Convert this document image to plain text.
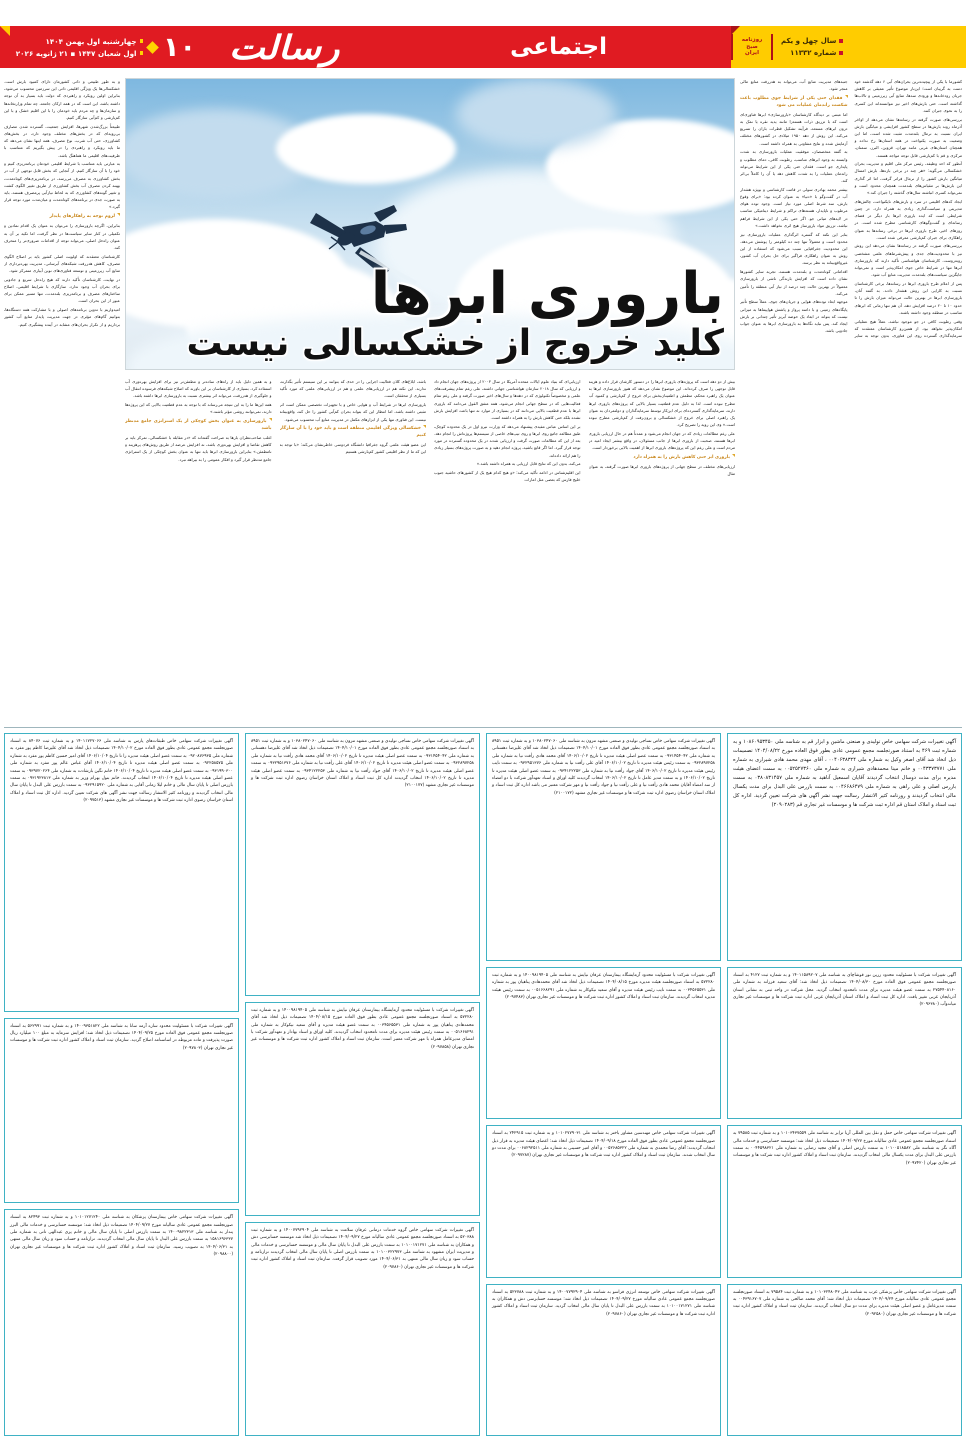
۱۰
چهارشنبه اول بهمن ۱۴۰۴
اول شعبان ۱۴۴۷ ▪ ۲۱ ژانویه ۲۰۲۶	اجتماعی
رسالت	روزنامه
صبح
ایران
سال چهل و یکم
شماره ۱۱۳۳۲
باروری ابرها
کلید خروج از خشکسالی نیست

کشورما با یکی از پیچیده‌ترین بحران‌های آبی ۶ دهه گذشته خود دست به گریبان است؛ این‌بار موضوع تأثیر عمیقی بر کاهش جریان رودخانه‌ها و ورودی سدها، منابع آبی زیرزمینی و تالاب‌ها گذاشته است. حتی بارش‌های اخیر نیز نتوانسته‌اند این کسری را به نحوی جبران کنند.

بررسی‌های صورت گرفته در رسانه‌ها نشان می‌دهد از اواخر آذرماه روند بارش‌ها در سطح کشور افزایشی و میانگین بارش ایران نسبت به نرمال بلندمدت مثبت شده است، اما این وضعیت به صورت یکنواخت در همه استان‌ها رخ نداده و همچنان استان‌های غربی مانند تهران، قزوین، البرز، سمنان، مرکزی و قم با کم‌بارشی قابل توجه مواجه هستند.

آنطور که احد وظیفه، رئیس مرکز ملی اقلیم و مدیریت بحران خشکسالی می‌گوید: «هر چند در برخی بازه‌ها، بارش امسال میانگین بارش کشور را از نرمال فراتر گرفت، اما اثر گذاری این بارش‌ها بر مقیاس‌های بلندمدت همچنان محدود است و نمی‌تواند کسری انباشته سال‌های گذشته را جبران کند.»

ایجاد کدهای اقلیمی در سرد و بارش‌های نایکنواخت، چالش‌های مدیریتی و سیاست‌گذاری زیادی به همراه دارد. در چنین شرایطی است که ایده باروری ابرها بار دیگر در فضای رسانه‌ای و گفت‌وگوهای کارشناسی مطرح شده است. در روزهای اخیر، طرح باروری ابرها در برخی رسانه‌ها به عنوان راهکاری برای جبران کم‌بارشی معرفی شده است.

بررسی‌های صورت گرفته در رسانه‌ها نشان می‌دهد این روش نیز با محدودیت‌های جدی و پیش‌شرط‌های علمی مشخصی روبه‌روست. کارشناسان هواشناسی تأکید دارند که بارورسازی ابرها تنها در شرایط خاص جوی امکان‌پذیر است و نمی‌تواند جایگزین سیاست‌های بلندمدت مدیریت منابع آب شود.

پس از اعلام طرح باروری ابرها در رسانه‌ها، برخی کارشناسان نسبت به کارایی این روش هشدار دادند. به گفته آنان، بارورسازی ابرها در بهترین حالت می‌تواند میزان بارش را تا حدود ۱۰ تا ۲۰ درصد افزایش دهد، آن هم تنها زمانی که ابرهای مناسب در منطقه وجود داشته باشند.

وقتی رطوبت کافی در جو موجود نباشد، عملاً هیچ عملیاتی امکان‌پذیر نخواهد بود. از همین‌رو کارشناسان معتقدند که سرمایه‌گذاری گسترده روی این فناوری، بدون توجه به سایر جنبه‌های مدیریت منابع آب، می‌تواند به هدررفت منابع مالی منجر شود.

فقدان حتی یکی از شرایط جوی مطلوب باعث شکست راندمان عملیات می شود

اما مبتنی بر دیدگاه کارشناسان «بارورسازی» ابرها فناوری‌ای است که با تزریق ذرات هسته‌زا مانند یدید نقره یا نمک به درون ابرهای مستعد، فرآیند تشکیل قطرات باران را تسریع می‌کند. این روش از دهه ۱۹۵۰ میلادی در کشورهای مختلف آزمایش شده و نتایج متفاوتی به همراه داشته است.

به گفته متخصصان، موفقیت عملیات بارورسازی به شدت وابسته به وجود ابرهای مناسب، رطوبت کافی، دمای مطلوب و پایداری جو است. فقدان حتی یکی از این شرایط می‌تواند راندمان عملیات را به شدت کاهش دهد یا آن را کاملاً بی‌اثر کند.

بیشتر محمد بهادری سولی در قامت کارشناسی و بویژه هشدار آب در گفت‌وگو با «دنیا» به عنوان کرده بود: «برای وقوع بارش، سه شرط اصلی مورد نیاز است. وجود توده هوای مرطوب و ناپایدار، هسته‌های تراکم و شرایط دینامیکی مناسب در لایه‌های میانی جو. اگر حتی یکی از این شرایط فراهم نباشد، تزریق مواد بارورساز هیچ اثری نخواهد داشت.»

بنابر این نکته که گستره اثرگذاری عملیات بارورسازی نیز محدود است و معمولاً تنها چند ده کیلومتر را پوشش می‌دهد. این محدودیت جغرافیایی سبب می‌شود که استفاده از این روش به عنوان راهکاری فراگیر برای حل بحران آب کشور، غیرواقع‌بینانه به نظر برسد.

اقداماتی کوتاه‌مدت و بلندمدت هستند، تجربه سایر کشورها نشان داده است که افزایش بارندگی ناشی از بارورسازی معمولاً در بهترین حالت چند درصد از نیاز آبی منطقه را تأمین می‌کند.

موجهه ابعاد توده‌های هوایی و جریان‌های جوی، عملاً سطح تأثیر پایگاه‌های زمینی و با دامنه پرواز و پاشش هواپیماها به میزانی نیست که بتواند در ابعاد یک حوضه آبریز تأثیر چندانی بر بارش ایجاد کند. پس نباید نگاه‌ها به بارورسازی ابرها به عنوان جواب جادویی باشد.

و به طور طبیعی و ذاتی کشورمان دارای کمبود بارش است. خشکسالی‌ها یک ویژگی اقلیمی ذاتی این سرزمین محسوب می‌شود، بنابراین اولین رویکرد و راهبردی که دولت باید بسیار به آن توجه داشته باشد، این است که در همه ارکان جامعه، چه تمام وزارتخانه‌ها و سازمان‌ها و چه مردم باید خودمان را با این اقلیم خشک و با این کم‌بارشی و کم‌آبی سازگار کنیم.

طبیعتاً بزرگ‌شدن شهرها، افزایش جمعیت، گسترده شدن مصارف بی‌رویه‌ای که در بخش‌های مختلف وجود دارد، در بخش‌های کشاورزی، حتی آب شرب، نوع مصرف، همه اینها نشان می‌دهد که ما باید رویکرد و راهبردی را در پیش بگیریم که متناسب با ظرفیت‌های اقلیمی ما هماهنگ باشد.

به عبارتی باید متناسب با شرایط اقلیمی خودمان برنامه‌ریزی کنیم و خود را با آن سازگار کنیم. از آنجایی که بخش قابل توجهی از آب در بخش کشاورزی به مصرف می‌رسد، در برنامه‌ریزی‌های کوتاه‌مدت، بهینه کردن مصرف آب بخش کشاورزی از طریق تغییر الگوی کشت و تغییر گونه‌های کشاورزی که به لحاظ نیازآبی پرمصرف هستند، باید به صورت جدی در برنامه‌های کوتاه‌مدت و میان‌مدت مورد توجه قرار گیرد.»

لزوم توجه به راهکارهای پایدار

بنابراین، اگرچه بارورسازی را می‌توان به عنوان یک اقدام نمادین و تکمیلی در کنار سایر سیاست‌ها در نظر گرفت، اما تکیه بر آن به عنوان راه‌حل اصلی، می‌تواند توجه از اقدامات ضروری‌تر را منحرف کند.

کارشناسان معتقدند که اولویت اصلی کشور باید بر اصلاح الگوی مصرف، کاهش هدررفت شبکه‌های آبرسانی، مدیریت بهره‌برداری از منابع آب زیرزمینی و توسعه فناوری‌های نوین آبیاری متمرکز شود.

در نهایت، کارشناسان تأکید دارند که هیچ راه‌حل سریع و جادویی برای بحران آب وجود ندارد. سازگاری با شرایط اقلیمی، اصلاح ساختارهای مصرف و برنامه‌ریزی بلندمدت، تنها مسیر ممکن برای عبور از این بحران است.

امیدواریم با تدوین برنامه‌های اصولی و با مشارکت همه دستگاه‌ها، بتوانیم گام‌های مؤثری در جهت مدیریت پایدار منابع آب کشور برداریم و از تکرار بحران‌های مشابه در آینده پیشگیری کنیم.

بیش از دو دهه است که پروژه‌های باروری ابرها را در دستور کارشان قرار داده و هزینه قابل توجهی را صرف کرده‌اند. این موضوع نشان می‌دهد که هنوز بارورسازی ابرها به عنوان یک راهبرد محکم، مطمئن و اطمینان‌بخش برای خروج از کم‌بارشی و کمبود آب مطرح نبوده است. لذا به دلیل عدم قطعیت بسیار بالایی که پروژه‌های باروری ابرها دارند، سرمایه‌گذاری گسترده‌ای برای این‌کار توسط سرمایه‌گذاران و دولتمردان به عنوان یک راهبرد اصلی برای خروج از خشکسالی و برون‌رفت از کم‌بارشی مطرح نبوده است.» وی این رویه را تصریح کرد.

علی رغم مطالعات زیادی که در جهان انجام می‌شود و عمدتاً هم در حال ارزیابی باروری ابرها هستند، صحبت از باروری ابرها از جانب مسئولان، در واقع بیشتر ایجاد امید در مردم است و علی رغم این که پروژه‌های باروری ابرها از اهمیت بالایی برخوردار است.

باروری ابر حتی کاهش بارش را به همراه دارد

ارزیابی‌های مختلف در سطح جهانی از پروژه‌های باروری ابرها صورت گرفته، به عنوان مثال

ارزیابی‌ای که بنیاد علوم ایالات متحده آمریکا در سال ۲۰۰۳ از پروژه‌های جهان انجام داد و ارزیابی که سال ۲۰۱۸ سازمان هواشناسی جهانی داشته، علی رغم تمام پیشرفت‌های علمی و مخصوصاً تکنولوژی که در دهه‌ها و سال‌های اخیر صورت گرفته و علی رغم تمام فعالیت‌هایی که در سطح جهانی انجام می‌شود، همه متفق القول می‌دانند که باروری ابرها با عدم قطعیت بالایی می‌دانند که در بسیاری از موارد نه تنها باعث افزایش بارش نشده بلکه حتی کاهش بارش را به همراه داشته است.

بر این اساس عباس مفیدی پیشنهاد می‌دهد که وزارت نیرو اول در یک محدوده کوچک، طبق مطالعه جامع روی ابرها و روی تیپ‌های خاصی از سیستم‌ها پروژه‌اش را انجام دهد. بعد از این که مطالعات صورت گرفت و ارزیابی شدند در یک محدوده گسترده در مورد توجه قرار گیرد. اما اگر قانع باشید، پروژه انجام دهید و به صورت پروژه‌های بسیار زیادی را هم ارائه داده‌اند.

می‌کند، بدون این که نتایج قابل ارزیابی به همراه داشته باشد.»

این اقلیم‌شناس در ادامه تأکید می‌کند: «و هیچ کدام هیچ یک از کشورهای حاشیه جنوب خلیج فارس که بعضی مثل امارات

باشد، ابلاغ‌های کلان فعالیت اجرایی را در حدی که بتوانند بر این سیستم تأثیر بگذارند، ندارند. این نکته هم در ارزیابی‌های علمی و هم در ارزیابی‌های علمی که مورد تأکید بسیاری از محققان است.

بارورسازی ابرها در شرایط آب و هوایی خاص و با تجهیزات تخصصی ممکن است اثر مثبتی داشته باشد، اما انتظار این که بتواند بحران کم‌آبی کشور را حل کند، واقع‌بینانه نیست. این فناوری تنها یکی از ابزارهای مکمل در مدیریت منابع آب محسوب می‌شود.

خشکسالی ویژگی اقلیمی منطقه است و باید خود را با آن سازگار کنیم

این عضو هیئت علمی گروه جغرافیا دانشگاه فردوسی خاطرنشان می‌کند: «با توجه به این که ما از نظر اقلیمی کشور کم‌بارشی هستیم

و به همین دلیل باید از راه‌های ساده‌تر و مطمئن‌تر نیز برای افزایش بهره‌وری آب استفاده کرد. بسیاری از کارشناسان بر این باورند که اصلاح شبکه‌های فرسوده انتقال آب و جلوگیری از هدررفت، می‌تواند اثر بیشتری نسبت به بارورسازی ابرها داشته باشد.

همه این‌ها ما را به این نتیجه می‌رساند که با توجه به عدم قطعیت بالایی که این پروژه‌ها دارند، نمی‌توانند روشی مؤثر باشند.»

بارورسازی به عنوان بخش کوچکی از یک استراتژی جامع مدنظر باشد

اغلب صاحب‌نظران بارها به صراحت گفته‌اند که «در مقابله با خشکسالی، تمرکز باید بر کاهش تقاضا و افزایش بهره‌وری باشد، نه افزایش عرضه از طریق روش‌های پرهزینه و نامطمئن.» بنابراین بارورسازی ابرها باید تنها به عنوان بخش کوچکی از یک استراتژی جامع مدنظر قرار گیرد و افکار عمومی را به بیراهه نبرد.

آگهی تغییرات شرکت سهامی خاص تولیدی و صنعتی ماشین و ابزار قم به شناسه ملی ۱۰۸۶۰۹۵۳۴۵۰ و به شماره ثبت ۴۶۹ به استناد صورتجلسه مجمع عمومی عادی بطور فوق العاده مورخ ۱۴۰۴/۰۸/۲۲ تصمیمات ذیل اتخاذ شد آقای اصغر وکیل به شماره ملی ۰۰۴۰۶۳۸۳۲۴ ، آقای مهدی محمد هادی شیرازی به شماره ملی ۰۰۴۳۳۷۳۷۷۱ و خانم مینا محمدهادی شیرازی به شماره ملی ۰۰۵۲۵۲۷۳۶۰ به سمت اعضای هیئت مدیره برای مدت دوسال انتخاب گردیدند آقایان اسمعیل آناهید به شماره ملی ۰۳۸۰۸۳۱۴۵۷ به سمت بازرس اصلی و علی راهی به شماره ملی ۰۰۴۶۶۸۶۴۷۹ به سمت بازرس علی البدل برای مدت یکسال مالی انتخاب گردیدند و روزنامه کثیر الانتشار رسالت جهت نشر آگهی های شرکت تعیین گردید. اداره کل ثبت اسناد و املاک استان قم اداره ثبت شرکت ها و موسسات غیر تجاری قم (۲۰۹۰۲۸۳)

آگهی تغییرات شرکت با مسئولیت محدود زرین نور قوشاچای به شناسه ملی ۱۴۰۱۱۵۸۹۲۰۷ و به شماره ثبت ۴۱۲۷ به استناد صورتجلسه مجمع عمومی فوق العاده مورخ ۱۴۰۴/۰۸/۳۰ تصمیمات ذیل اتخاذ شد: آقای سعید فرزانه به شماره ملی ۲۷۵۴۴۰۸۱۶۰ به سمت عضو هیئت مدیره برای مدت نامحدود انتخاب گردید. محل شرکت در واحد ثبتی به نشانی استان آذربایجان غربی تغییر یافت. اداره کل ثبت اسناد و املاک استان آذربایجان غربی اداره ثبت شرکت ها و موسسات غیر تجاری میاندوآب (۲۰۹۶۳۸۰)

آگهی تغییرات شرکت سهامی خاص حمل و نقل بین المللی آریا ترابر به شناسه ملی ۱۰۱۰۳۴۳۷۵۵۹ و به شماره ثبت ۷۹۵۸۵ به استناد صورتجلسه مجمع عمومی عادی سالیانه مورخ ۱۴۰۴/۰۹/۲۷ تصمیمات ذیل اتخاذ شد: موسسه حسابرسی و خدمات مالی آگاه نگر به شناسه ملی ۱۰۱۰۰۵۱۸۵۸۲ به سمت بازرس اصلی و آقای مجید رضایی به شماره ملی ۰۰۴۴۵۹۸۳۲۱ به سمت بازرس علی البدل برای مدت یکسال مالی انتخاب گردیدند. سازمان ثبت اسناد و املاک کشور اداره ثبت شرکت ها و موسسات غیر تجاری تهران (۲۰۹۷۴۲۰)

آگهی تغییرات شرکت سهامی خاص پزشکی غرب به شناسه ملی ۱۰۱۰۳۲۴۸۰۴۳ و به شماره ثبت ۷۹۵۸۴ به استناد صورتجلسه مجمع عمومی عادی سالیانه مورخ ۱۴۰۴/۰۹/۲۴ تصمیمات ذیل اتخاذ شد: آقای محمد صالحی به شماره ملی ۰۰۴۳۹۱۶۷۰۷ به سمت مدیرعامل و عضو اصلی هیئت مدیره برای مدت دو سال انتخاب گردیدند. سازمان ثبت اسناد و املاک کشور اداره ثبت شرکت ها و موسسات غیر تجاری تهران (۲۰۹۲۵۸۰)

آگهی تغییرات شرکت سهامی خاص نساجی تولیدی و صنعتی مشهد تترون به شناسه ملی ۱۰۳۸۰۲۴۷۰۶۰ و به شماره ثبت ۸۹۵۱ به استناد صورتجلسه مجمع عمومی عادی بطور فوق العاده مورخ ۱۴۰۴/۱۰/۰۱ تصمیمات ذیل اتخاذ شد آقای علیرضا دهستانی به شماره ملی ۰۹۳۱۴۵۴۰۴۲ به سمت عضو اصلی هیئت مدیره تا تاریخ ۱۴۰۶/۱۰/۰۲ آقای محمد هادی رأفت نیا به شماره ملی ۰۹۳۲۸۹۷۲۵۸ به سمت رئیس هیئت مدیره تا تاریخ ۱۴۰۶/۱۰/۰۲ آقای علی رأفت نیا به شماره ملی ۰۹۳۲۹۵۱۳۷۶ به سمت نایب رئیس هیئت مدیره تا تاریخ ۱۴۰۶/۱۰/۰۲ آقای جواد رأفت نیا به شماره ملی ۰۹۳۴۱۲۲۲۵۳ به سمت عضو اصلی هیئت مدیره تا تاریخ ۱۴۰۶/۱۰/۰۲ و به سمت مدیر عامل تا تاریخ ۱۴۰۶/۱۰/۰۲ انتخاب گردیدند کلیه اوراق و اسناد تعهدآور شرکت با دو امضاء از سه امضاء آقایان محمد هادی رأفت نیا و علی رأفت نیا و جواد رأفت نیا و مهر شرکت معتبر می باشد اداره کل ثبت اسناد و املاک استان خراسان رضوی اداره ثبت شرکت ها و موسسات غیر تجاری مشهد (۲۱۰۰۱۷۲)

آگهی تغییرات شرکت با مسئولیت محدود آزمایشگاه بیمارستان عرفان نیایش به شناسه ملی ۱۴۰۰۹۸۱۹۴۰۵ و به شماره ثبت ۵۷۲۲۸۰ به استناد صورتجلسه هیئت مدیره مورخ ۱۴۰۴/۰۸/۱۵ تصمیمات ذیل اتخاذ شد آقای محمدهادی پناهیان پور به شماره ملی ۰۰۳۴۵۶۵۵۳۱ به سمت نایب رئیس هیئت مدیره و آقای سعید نیکوکار به شماره ملی ۰۰۵۱۶۶۸۲۹۱ به سمت رئیس هیئت مدیره انتخاب گردیدند. سازمان ثبت اسناد و املاک کشور اداره ثبت شرکت ها و موسسات غیر تجاری تهران (۲۰۹۷۴۸۳)

آگهی تغییرات شرکت سهامی خاص مهندسین مشاور باختر به شناسه ملی ۱۰۱۰۲۷۷۹۰۳۱ و به شماره ثبت ۲۴۲۹۱۵ به استناد صورتجلسه مجمع عمومی عادی بطور فوق العاده مورخ ۱۴۰۴/۰۹/۱۸ تصمیمات ذیل اتخاذ شد: اعضای هیئت مدیره به قرار ذیل انتخاب گردیدند: آقای رضا محمدی به شماره ملی ۰۰۵۲۶۸۵۳۲۲ و آقای امیر حسینی به شماره ملی ۰۰۶۸۲۹۲۵۱۱ برای مدت دو سال انتخاب شدند. سازمان ثبت اسناد و املاک کشور اداره ثبت شرکت ها و موسسات غیر تجاری تهران (۲۰۹۷۲۸۷)

آگهی تغییرات شرکت سهامی خاص توسعه انرژی فراسو به شناسه ملی ۱۴۰۰۷۷۹۲۹۰۴ و به شماره ثبت ۵۲۳۷۸۸ به استناد صورتجلسه مجمع عمومی عادی سالیانه مورخ ۱۴۰۴/۰۹/۲۷ تصمیمات ذیل اتخاذ شد: موسسه حسابرسی دش و همکاران به شناسه ملی ۱۰۱۰۰۱۷۱۲۷۱ به سمت بازرس علی البدل تا پایان سال مالی انتخاب گردید. سازمان ثبت اسناد و املاک کشور اداره ثبت شرکت ها و موسسات غیر تجاری تهران (۲۰۹۷۸۶۰)

آگهی تغییرات شرکت سهامی خاص نساجی تولیدی و صنعتی مشهد تترون به شناسه ملی ۱۰۳۸۰۲۴۷۰۶۰ و به شماره ثبت ۸۹۵۱ به استناد صورتجلسه مجمع عمومی عادی بطور فوق العاده مورخ ۱۴۰۴/۱۰/۰۱ تصمیمات ذیل اتخاذ شد آقای علیرضا دهستانی به شماره ملی ۰۹۳۱۴۵۴۰۴۲ به سمت عضو اصلی هیئت مدیره تا تاریخ ۱۴۰۶/۱۰/۰۲ آقای محمد هادی رأفت نیا به شماره ملی ۰۹۳۲۸۹۷۲۵۸ به سمت عضو اصلی هیئت مدیره تا تاریخ ۱۴۰۶/۱۰/۰۲ آقای علی رأفت نیا به شماره ملی ۰۹۳۲۹۵۱۳۷۶ به سمت عضو اصلی هیئت مدیره تا تاریخ ۱۴۰۶/۱۰/۰۲ آقای جواد رأفت نیا به شماره ملی ۰۹۳۴۱۲۲۲۵۳ به سمت عضو اصلی هیئت مدیره تا تاریخ ۱۴۰۶/۱۰/۰۲ انتخاب گردیدند اداره کل ثبت اسناد و املاک استان خراسان رضوی اداره ثبت شرکت ها و موسسات غیر تجاری مشهد (۲۱۰۰۱۷۷)

آگهی تغییرات شرکت با مسئولیت محدود آزمایشگاه بیمارستان عرفان نیایش به شناسه ملی ۱۴۰۰۹۸۱۹۴۰۵ و به شماره ثبت ۵۷۲۲۸۰ به استناد صورتجلسه مجمع عمومی عادی بطور فوق العاده مورخ ۱۴۰۴/۰۸/۱۵ تصمیمات ذیل اتخاذ شد آقای محمدهادی پناهیان پور به شماره ملی ۰۰۳۴۵۶۵۵۳۱ به سمت عضو هیئت مدیره و آقای سعید نیکوکار به شماره ملی ۰۰۵۱۶۶۸۲۹۱ به سمت رئیس هیئت مدیره برای مدت نامحدود انتخاب گردیدند. کلیه اوراق و اسناد بهادار و تعهدآور شرکت با امضای مدیرعامل همراه با مهر شرکت معتبر است. سازمان ثبت اسناد و املاک کشور اداره ثبت شرکت ها و موسسات غیر تجاری تهران (۲۰۹۷۸۵۸)

آگهی تغییرات شرکت سهامی خاص گروه خدمات درمانی عرفان سلامت به شناسه ملی ۱۴۰۰۷۷۹۲۹۰۴ و به شماره ثبت ۵۲۰۳۸۸ به استناد صورتجلسه مجمع عمومی عادی سالیانه مورخ ۱۴۰۴/۰۹/۲۷ تصمیمات ذیل اتخاذ شد موسسه حسابرسی دش و همکاران به شناسه ملی ۱۰۱۰۰۱۷۱۲۷۱ به سمت بازرس علی البدل تا پایان سال مالی و موسسه حسابرسی و خدمات مالی و مدیریت ایران مشهود به شناسه ملی ۱۰۱۰۰۳۲۲۹۷۳ به سمت بازرس اصلی تا پایان سال مالی انتخاب گردیدند ترازنامه و حساب سود و زیان سال مالی منتهی به ۱۴۰۴/۰۶/۳۱ مورد تصویب قرار گرفت. سازمان ثبت اسناد و املاک کشور اداره ثبت شرکت ها و موسسات غیر تجاری تهران (۲۰۹۷۸۶۰)

آگهی تغییرات شرکت سهامی خاص طبقات‌های پارس به شناسه ملی ۱۴۰۱۱۷۲۷۰۶۶ و به شماره ثبت ۸۴۰۷۶ به استناد صورتجلسه مجمع عمومی عادی بطور فوق العاده مورخ ۱۴۰۴/۱۰/۰۲ تصمیمات ذیل اتخاذ شد آقای علیرضا کاظم پور مفرد به شماره ملی ۰۹۲۰۸۷۶۹۳۵ به سمت عضو اصلی هیئت مدیره را تا تاریخ ۱۴۰۶/۱۰/۰۴ آقای امیر حسین کاظم پور مفرد به شماره ملی ۰۹۲۲۵۸۵۷۵ به سمت عضو اصلی هیئت مدیره تا تاریخ ۱۴۰۶/۱۰/۰۴ آقای عباس عالم پور مفرد به شماره ملی ۰۹۳۱۹۹۰۳۰۰ به سمت عضو اصلی هیئت مدیره تا تاریخ ۱۴۰۶/۱۰/۰۴ خانم نگین بازشادت به شماره ملی ۰۹۳۹۷۲۰۲۶۴ به سمت عضو اصلی هیئت مدیره تا تاریخ ۱۴۰۶/۱۰/۰۴ انتخاب گردیدند. خانم بتول بهرام وزیر به شماره ملی ۰۹۳۱۹۲۳۸۱۳ به سمت بازرس اصلی تا پایان سال مالی و خانم لیلا زمانی آقایی به شماره ملی ۰۹۳۲۹۱۵۹۲۰ به سمت بازرس علی البدل تا پایان سال مالی انتخاب گردیدند و روزنامه کثیر الانتشار رسالت جهت نشر آگهی های شرکت تعیین گردید. اداره کل ثبت اسناد و املاک استان خراسان رضوی اداره ثبت شرکت ها و موسسات غیر تجاری مشهد (۲۰۹۷۵۱۳)

آگهی تغییرات شرکت با مسئولیت محدود سازه آرمه سانا به شناسه ملی ۱۴۰۰۹۳۵۱۸۲۲ و به شماره ثبت ۵۶۲۹۹۱ به استناد صورتجلسه مجمع عمومی فوق العاده مورخ ۱۴۰۴/۰۹/۲۵ تصمیمات ذیل اتخاذ شد: افزایش سرمایه به مبلغ ۱۰۰ میلیارد ریال صورت پذیرفت و ماده مربوطه در اساسنامه اصلاح گردید. سازمان ثبت اسناد و املاک کشور اداره ثبت شرکت ها و موسسات غیر تجاری تهران (۲۰۹۷۸۰۳)

آگهی تغییرات شرکت سهامی خاص بیمارستان پزشکان به شناسه ملی ۱۰۱۰۱۲۷۱۲۴۰ و به شماره ثبت ۸۲۴۹۳ به استناد صورتجلسه مجمع عمومی عادی سالیانه مورخ ۱۴۰۴/۰۹/۲۷ تصمیمات ذیل اتخاذ شد: موسسه حسابرسی و خدمات مالی البرز پندار به شناسه ملی ۱۴۰۰۹۸۲۲۳۱۳ به سمت بازرس اصلی تا پایان سال مالی و خانم پری عبدالهی تاتی به شماره ملی ۱۵۸۱۶۹۶۳۳۷ به سمت بازرس علی البدل تا پایان سال مالی انتخاب گردیدند. ترازنامه و حساب سود و زیان سال مالی منتهی به ۱۴۰۴/۰۶/۳۱ به تصویب رسید. سازمان ثبت اسناد و املاک کشور اداره ثبت شرکت ها و موسسات غیر تجاری تهران (۲۰۹۸۸۰۰)
